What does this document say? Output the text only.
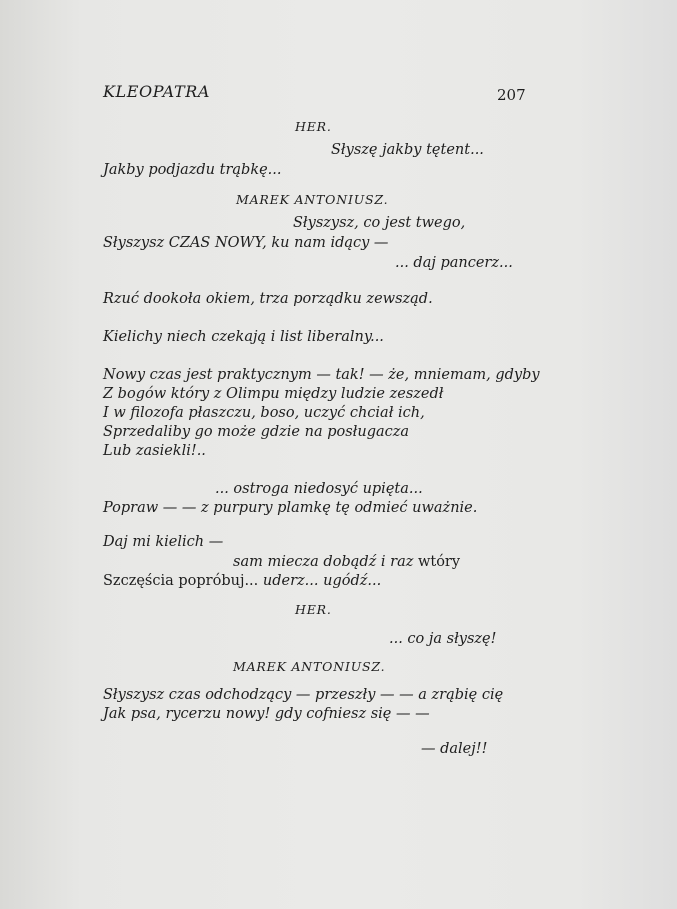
KLEOPATRA	207
HER.
Słyszę jakby tętent...
Jakby podjazdu trąbkę...
MAREK ANTONIUSZ.
Słyszysz, co jest twego,
Słyszysz CZAS NOWY, ku nam idący —
... daj pancerz...
Rzuć dookoła okiem, trza porządku zewsząd.
Kielichy niech czekają i list liberalny...
Nowy czas jest praktycznym — tak! — że, mniemam, gdyby
Z bogów który z Olimpu między ludzie zeszedł
I w filozofa płaszczu, boso, uczyć chciał ich,
Sprzedaliby go może gdzie na posługacza
Lub zasiekli!..
... ostroga niedosyć upięta...
Popraw — — z purpury plamkę tę odmieć uważnie.
Daj mi kielich —
sam miecza dobądź i raz wtóry
Szczęścia poprόbuj... uderz... ugόdź...
HER.
... co ja słyszę!
MAREK ANTONIUSZ.
Słyszysz czas odchodzący — przeszły — — a zrąbię cię
Jak psa, rycerzu nowy! gdy cofniesz się — —
— dalej!!
